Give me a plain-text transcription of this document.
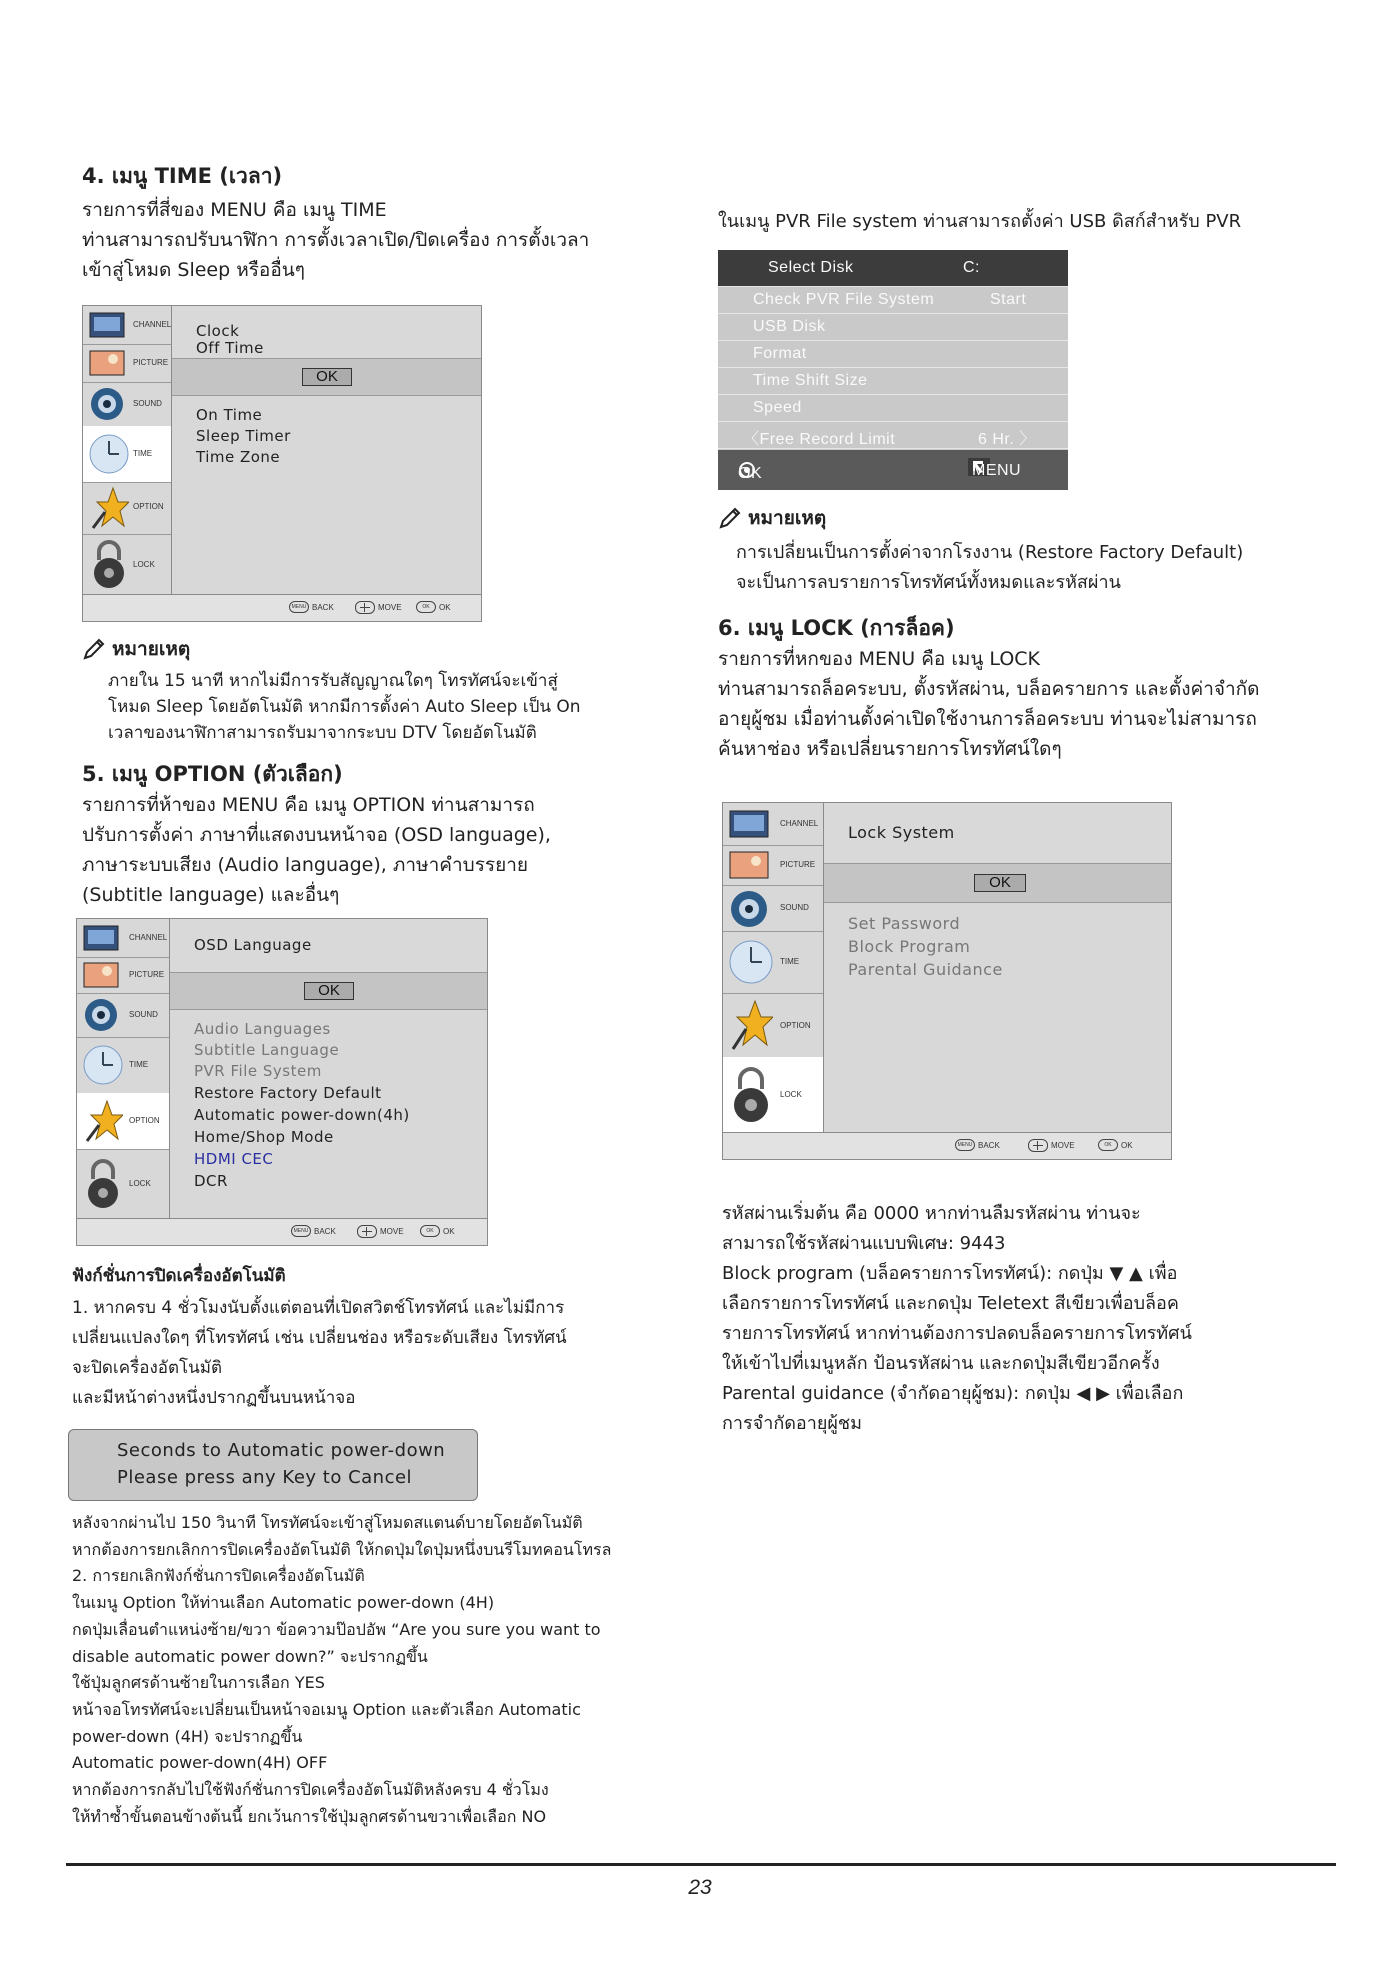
4. เมนู TIME (เวลา)
รายการที่สี่ของ MENU คือ เมนู TIME
ท่านสามารถปรับนาฬิกา การตั้งเวลาเปิด/ปิดเครื่อง การตั้งเวลา
เข้าสู่โหมด Sleep หรืออื่นๆ
CHANNEL
PICTURE
SOUND
TIME
OPTION
LOCK
Clock
Off Time
OK
On Time
Sleep Timer
Time Zone
MENU BACK	MOVE	OK	OK
หมายเหตุ
ภายใน 15 นาที หากไม่มีการรับสัญญาณใดๆ โทรทัศน์จะเข้าสู่
โหมด Sleep โดยอัตโนมัติ หากมีการตั้งค่า Auto Sleep เป็น On
เวลาของนาฬิกาสามารถรับมาจากระบบ DTV โดยอัตโนมัติ
5. เมนู OPTION (ตัวเลือก)
รายการที่ห้าของ MENU คือ เมนู OPTION ท่านสามารถ
ปรับการตั้งค่า ภาษาที่แสดงบนหน้าจอ (OSD language),
ภาษาระบบเสียง (Audio language), ภาษาคำบรรยาย
(Subtitle language) และอื่นๆ
CHANNEL
PICTURE
SOUND
TIME
OPTION
LOCK
OSD Language
OK
Audio Languages
Subtitle Language
PVR File System
Restore Factory Default
Automatic power-down(4h)
Home/Shop Mode
HDMI CEC
DCR
MENU BACK	MOVE	OK	OK
ฟังก์ชั่นการปิดเครื่องอัตโนมัติ
1. หากครบ 4 ชั่วโมงนับตั้งแต่ตอนที่เปิดสวิตช์โทรทัศน์ และไม่มีการ
เปลี่ยนแปลงใดๆ ที่โทรทัศน์ เช่น เปลี่ยนช่อง หรือระดับเสียง โทรทัศน์
จะปิดเครื่องอัตโนมัติ
และมีหน้าต่างหนึ่งปรากฏขึ้นบนหน้าจอ
Seconds to Automatic power-down
Please press any Key to Cancel
หลังจากผ่านไป 150 วินาที โทรทัศน์จะเข้าสู่โหมดสแตนด์บายโดยอัตโนมัติ
หากต้องการยกเลิกการปิดเครื่องอัตโนมัติ ให้กดปุ่มใดปุ่มหนึ่งบนรีโมทคอนโทรล
2. การยกเลิกฟังก์ชั่นการปิดเครื่องอัตโนมัติ
ในเมนู Option ให้ท่านเลือก Automatic power-down (4H)
กดปุ่มเลื่อนตำแหน่งซ้าย/ขวา ข้อความป๊อปอัพ “Are you sure you want to
disable automatic power down?” จะปรากฏขึ้น
ใช้ปุ่มลูกศรด้านซ้ายในการเลือก YES
หน้าจอโทรทัศน์จะเปลี่ยนเป็นหน้าจอเมนู Option และตัวเลือก Automatic
power-down (4H) จะปรากฏขึ้น
Automatic power-down(4H) OFF
หากต้องการกลับไปใช้ฟังก์ชั่นการปิดเครื่องอัตโนมัติหลังครบ 4 ชั่วโมง
ให้ทำซ้ำขั้นตอนข้างต้นนี้ ยกเว้นการใช้ปุ่มลูกศรด้านขวาเพื่อเลือก NO
ในเมนู PVR File system ท่านสามารถตั้งค่า USB ดิสก์สำหรับ PVR
Select Disk	C:
Check PVR File System	Start
USB Disk
Format
Time Shift Size
Speed
〈Free Record Limit	6 Hr. 〉
OK	MENU
หมายเหตุ
การเปลี่ยนเป็นการตั้งค่าจากโรงงาน (Restore Factory Default)
จะเป็นการลบรายการโทรทัศน์ทั้งหมดและรหัสผ่าน
6. เมนู LOCK (การล็อค)
รายการที่หกของ MENU คือ เมนู LOCK
ท่านสามารถล็อคระบบ, ตั้งรหัสผ่าน, บล็อครายการ และตั้งค่าจำกัด
อายุผู้ชม เมื่อท่านตั้งค่าเปิดใช้งานการล็อคระบบ ท่านจะไม่สามารถ
ค้นหาช่อง หรือเปลี่ยนรายการโทรทัศน์ใดๆ
CHANNEL
PICTURE
SOUND
TIME
OPTION
LOCK
Lock System
OK
Set Password
Block Program
Parental Guidance
MENU BACK	MOVE	OK	OK
รหัสผ่านเริ่มต้น คือ 0000 หากท่านลืมรหัสผ่าน ท่านจะ
สามารถใช้รหัสผ่านแบบพิเศษ: 9443
Block program (บล็อครายการโทรทัศน์): กดปุ่ม ▼ ▲ เพื่อ
เลือกรายการโทรทัศน์ และกดปุ่ม Teletext สีเขียวเพื่อบล็อค
รายการโทรทัศน์ หากท่านต้องการปลดบล็อครายการโทรทัศน์
ให้เข้าไปที่เมนูหลัก ป้อนรหัสผ่าน และกดปุ่มสีเขียวอีกครั้ง
Parental guidance (จำกัดอายุผู้ชม): กดปุ่ม ◀ ▶ เพื่อเลือก
การจำกัดอายุผู้ชม
23
